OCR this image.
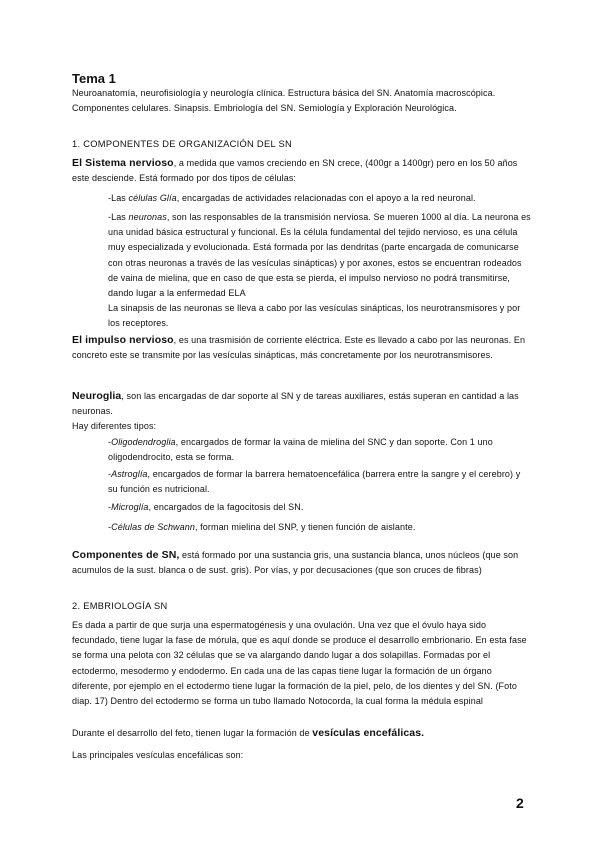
Tema 1
Neuroanatomía, neurofisiología y neurología clínica. Estructura básica del SN. Anatomía macroscópica. Componentes celulares. Sinapsis. Embriología del SN. Semiología y Exploración Neurológica.
1. COMPONENTES DE ORGANIZACIÓN DEL SN
El Sistema nervioso, a medida que vamos creciendo en SN crece, (400gr a 1400gr) pero en los 50 años este desciende. Está formado por dos tipos de células:
-Las células Glía, encargadas de actividades relacionadas con el apoyo a la red neuronal.
-Las neuronas, son las responsables de la transmisión nerviosa. Se mueren 1000 al día. La neurona es una unidad básica estructural y funcional. Es la célula fundamental del tejido nervioso, es una célula muy especializada y evolucionada. Está formada por las dendritas (parte encargada de comunicarse con otras neuronas a través de las vesículas sinápticas) y por axones, estos se encuentran rodeados de vaina de mielina, que en caso de que esta se pierda, el impulso nervioso no podrá transmitirse, dando lugar a la enfermedad ELA

La sinapsis de las neuronas se lleva a cabo por las vesículas sinápticas, los neurotransmisores y por los receptores.

El impulso nervioso, es una trasmisión de corriente eléctrica. Este es llevado a cabo por las neuronas. En concreto este se transmite por las vesículas sinápticas, más concretamente por los neurotransmisores.
Neuroglia, son las encargadas de dar soporte al SN y de tareas auxiliares, estás superan en cantidad a las neuronas.

Hay diferentes tipos:

-Oligodendroglia, encargados de formar la vaina de mielina del SNC y dan soporte. Con 1 uno oligodendrocito, esta se forma.
-Astroglía, encargados de formar la barrera hematoencefálica (barrera entre la sangre y el cerebro) y su función es nutricional.
-Microglía, encargados de la fagocitosis del SN.
-Células de Schwann, forman mielina del SNP, y tienen función de aislante.
Componentes de SN, está formado por una sustancia gris, una sustancia blanca, unos núcleos (que son acumulos de la sust. blanca o de sust. gris). Por vías, y por decusaciones (que son cruces de fibras)
2. EMBRIOLOGÍA SN
Es dada a partir de que surja una espermatogénesis y una ovulación. Una vez que el óvulo haya sido fecundado, tiene lugar la fase de mórula, que es aquí donde se produce el desarrollo embrionario. En esta fase se forma una pelota con 32 células que se va alargando dando lugar a dos solapillas. Formadas por el ectodermo, mesodermo y endodermo. En cada una de las capas tiene lugar la formación de un órgano diferente, por ejemplo en el ectodermo tiene lugar la formación de la piel, pelo, de los dientes y del SN. (Foto diap. 17) Dentro del ectodermo se forma un tubo llamado Notocorda, la cual forma la médula espinal
Durante el desarrollo del feto, tienen lugar la formación de vesículas encefálicas.
Las principales vesículas encefálicas son:
2
